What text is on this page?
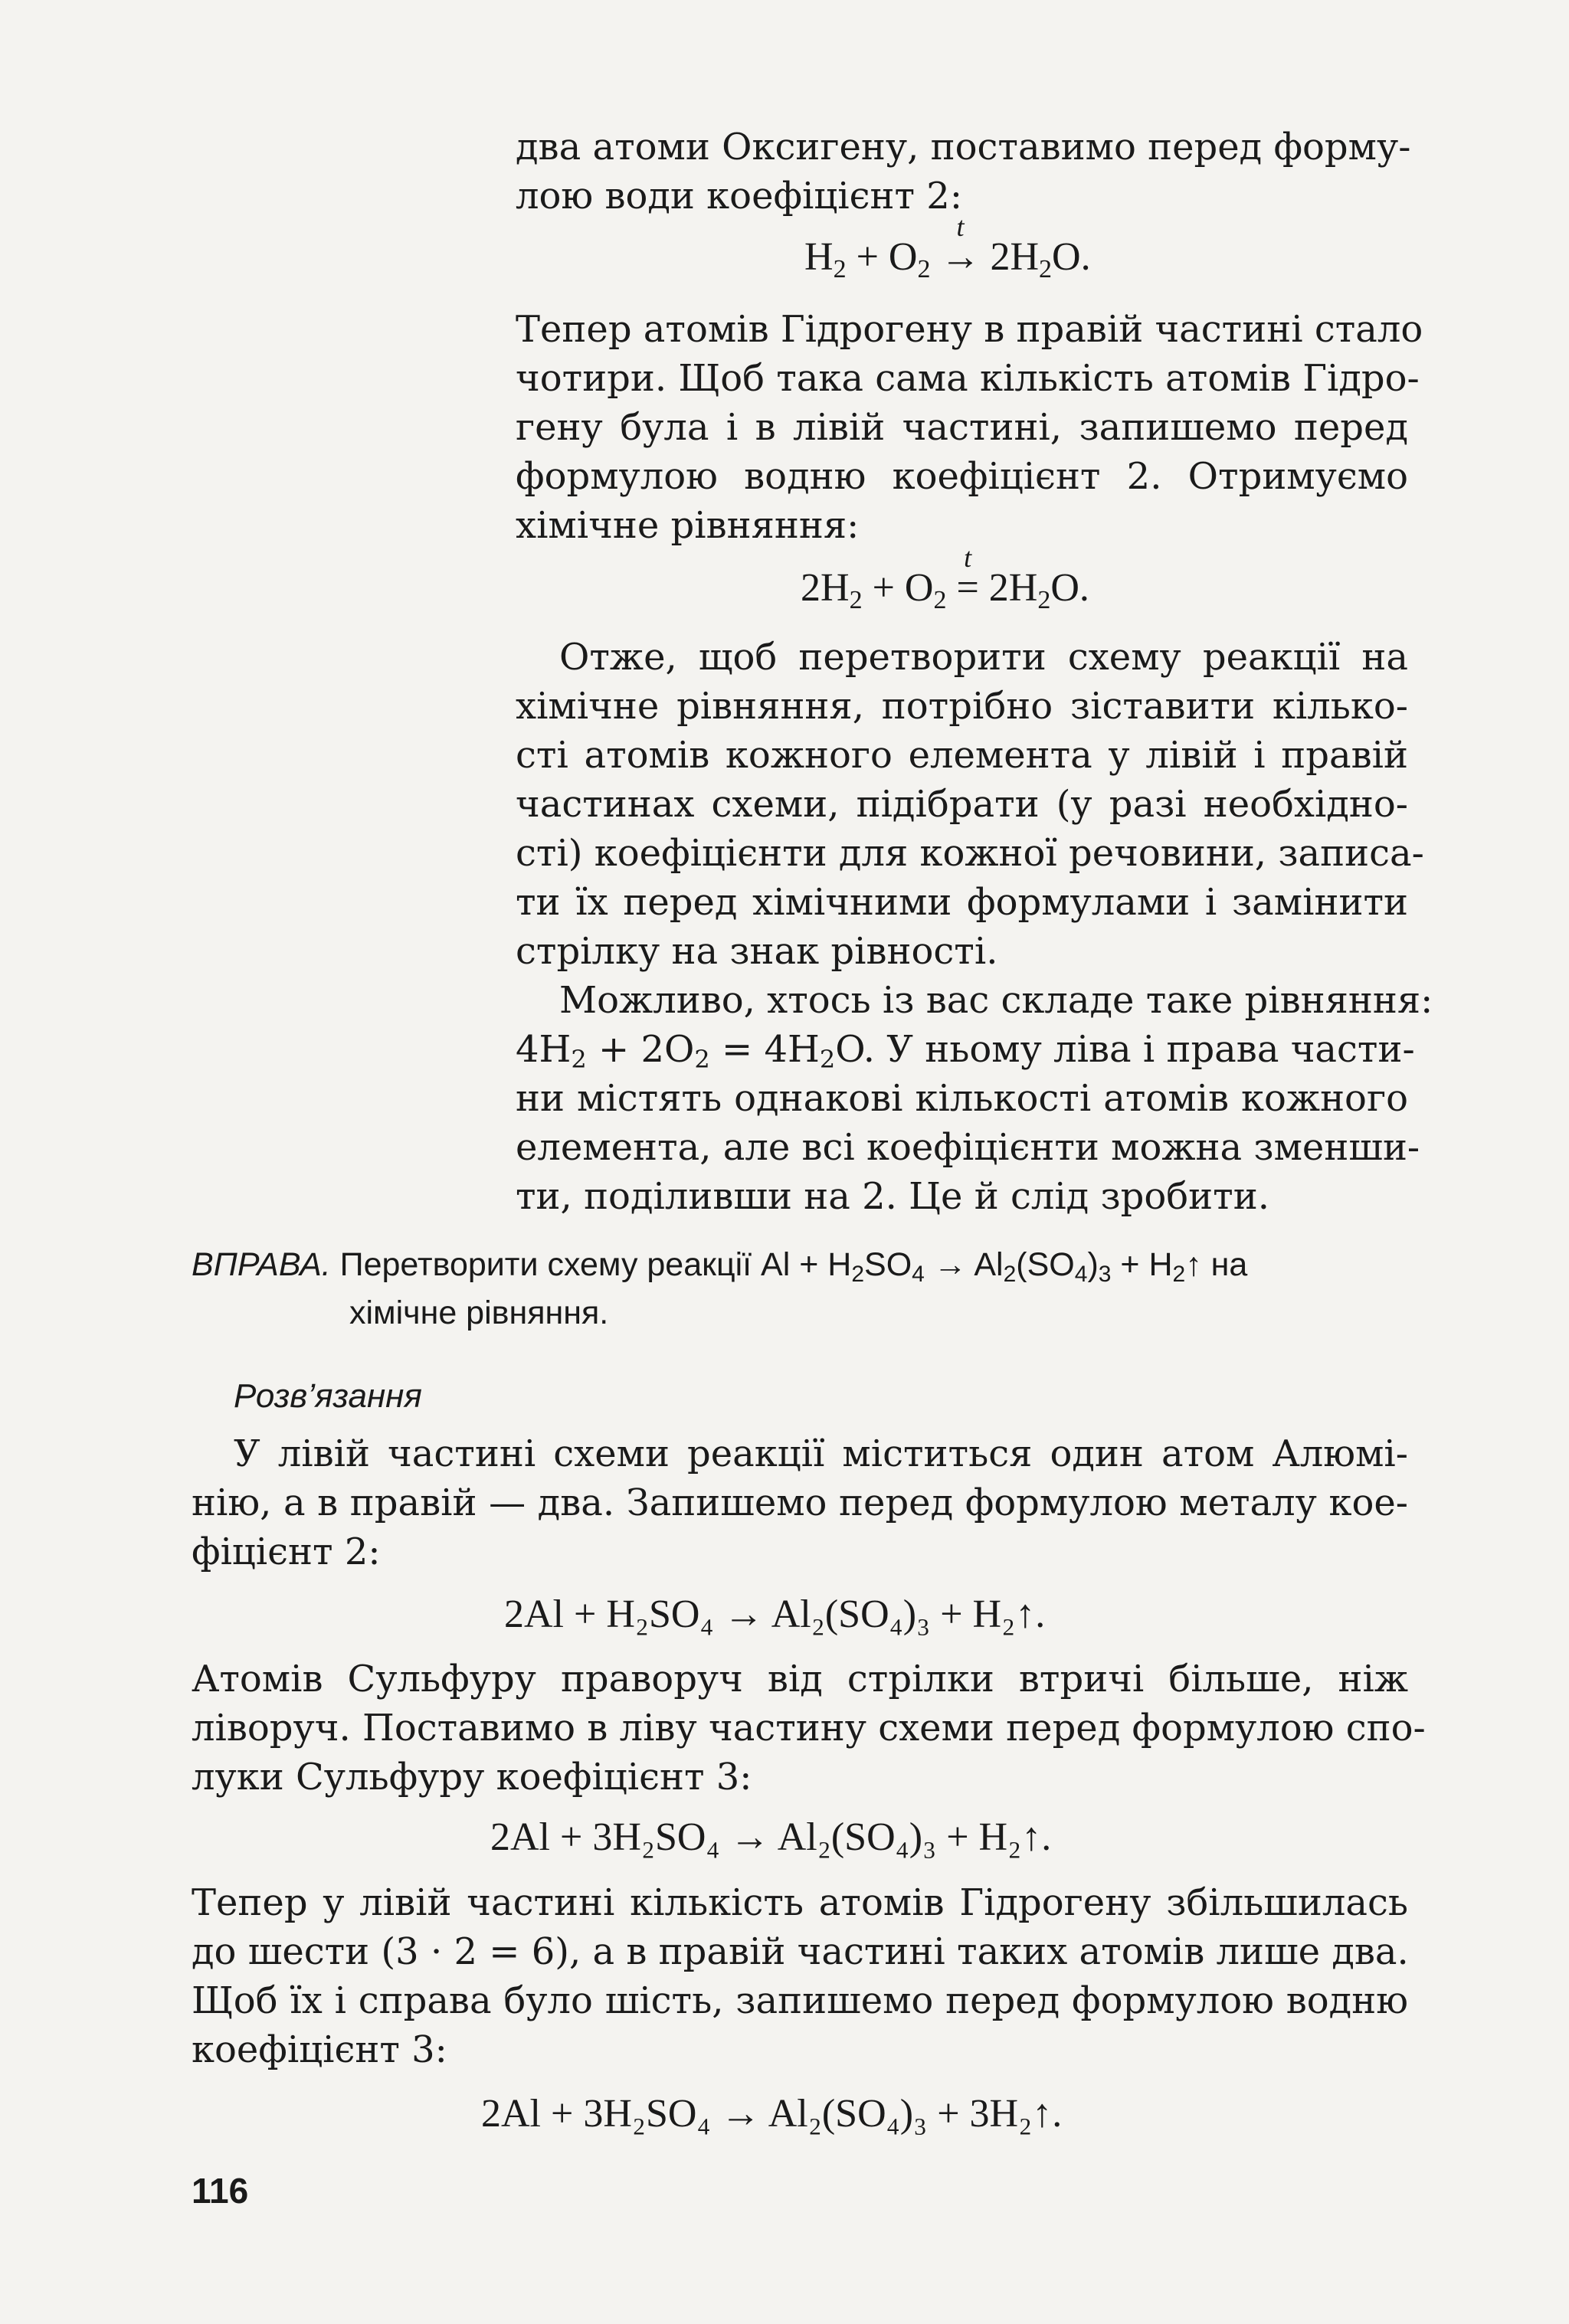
два атоми Оксигену, поставимо перед форму-
лою води коефіцієнт 2:
$H_2 + O_2$ →
t
$2H_2O$.
Тепер атомів Гідрогену в правій частині стало
чотири. Щоб така сама кількість атомів Гідро-
гену була і в лівій частині, запишемо перед
формулою водню коефіцієнт 2. Отримуємо
хімічне рівняння:
$2H_2 + O_2$ =
t
$2H_2O$.
Отже, щоб перетворити схему реакції на
хімічне рівняння, потрібно зіставити кілько-
сті атомів кожного елемента у лівій і правій
частинах схеми, підібрати (у разі необхідно-
сті) коефіцієнти для кожної речовини, записа-
ти їх перед хімічними формулами і замінити
стрілку на знак рівності.
Можливо, хтось із вас складе таке рівняння:
$4H_2 + 2O_2 = 4H_2O$. У ньому ліва і права части-
ни містять однакові кількості атомів кожного
елемента, але всі коефіцієнти можна зменши-
ти, поділивши на 2. Це й слід зробити.
ВПРАВА. Перетворити схему реакції $Al + H_2SO_4 \to Al_2(SO_4)_3$ + $H_2↑$ на
хімічне рівняння.
Розв’язання
У лівій частині схеми реакції міститься один атом Алюмі-
нію, а в правій — два. Запишемо перед формулою металу кое-
фіцієнт 2:
2Al + H₂SO₄ → Al₂(SO₄)₃ + H₂↑.
Атомів Сульфуру праворуч від стрілки втричі більше, ніж
ліворуч. Поставимо в ліву частину схеми перед формулою спо-
луки Сульфуру коефіцієнт 3:
2Al + 3H₂SO₄ → Al₂(SO₄)₃ + H₂↑.
Тепер у лівій частині кількість атомів Гідрогену збільшилась
до шести (3 · 2 = 6), а в правій частині таких атомів лише два.
Щоб їх і справа було шість, запишемо перед формулою водню
коефіцієнт 3:
2Al + 3H₂SO₄ → Al₂(SO₄)₃ + 3H₂↑.
116
